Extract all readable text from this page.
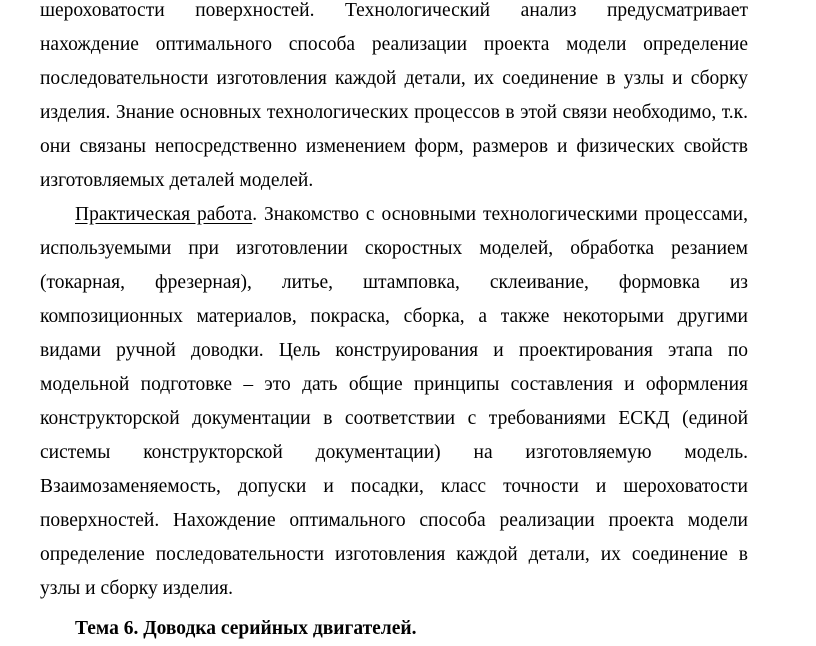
шероховатости поверхностей. Технологический анализ предусматривает
нахождение оптимального способа реализации проекта модели определение
последовательности изготовления каждой детали, их соединение в узлы и сборку
изделия. Знание основных технологических процессов в этой связи необходимо, т.к.
они связаны непосредственно изменением форм, размеров и физических свойств
изготовляемых деталей моделей.
Практическая работа. Знакомство с основными технологическими процессами,
используемыми при изготовлении скоростных моделей, обработка резанием
(токарная, фрезерная), литье, штамповка, склеивание, формовка из
композиционных материалов, покраска, сборка, а также некоторыми другими
видами ручной доводки. Цель конструирования и проектирования этапа по
модельной подготовке – это дать общие принципы составления и оформления
конструкторской документации в соответствии с требованиями ЕСКД (единой
системы конструкторской документации) на изготовляемую модель.
Взаимозаменяемость, допуски и посадки, класс точности и шероховатости
поверхностей. Нахождение оптимального способа реализации проекта модели
определение последовательности изготовления каждой детали, их соединение в
узлы и сборку изделия.
Тема 6. Доводка серийных двигателей.
